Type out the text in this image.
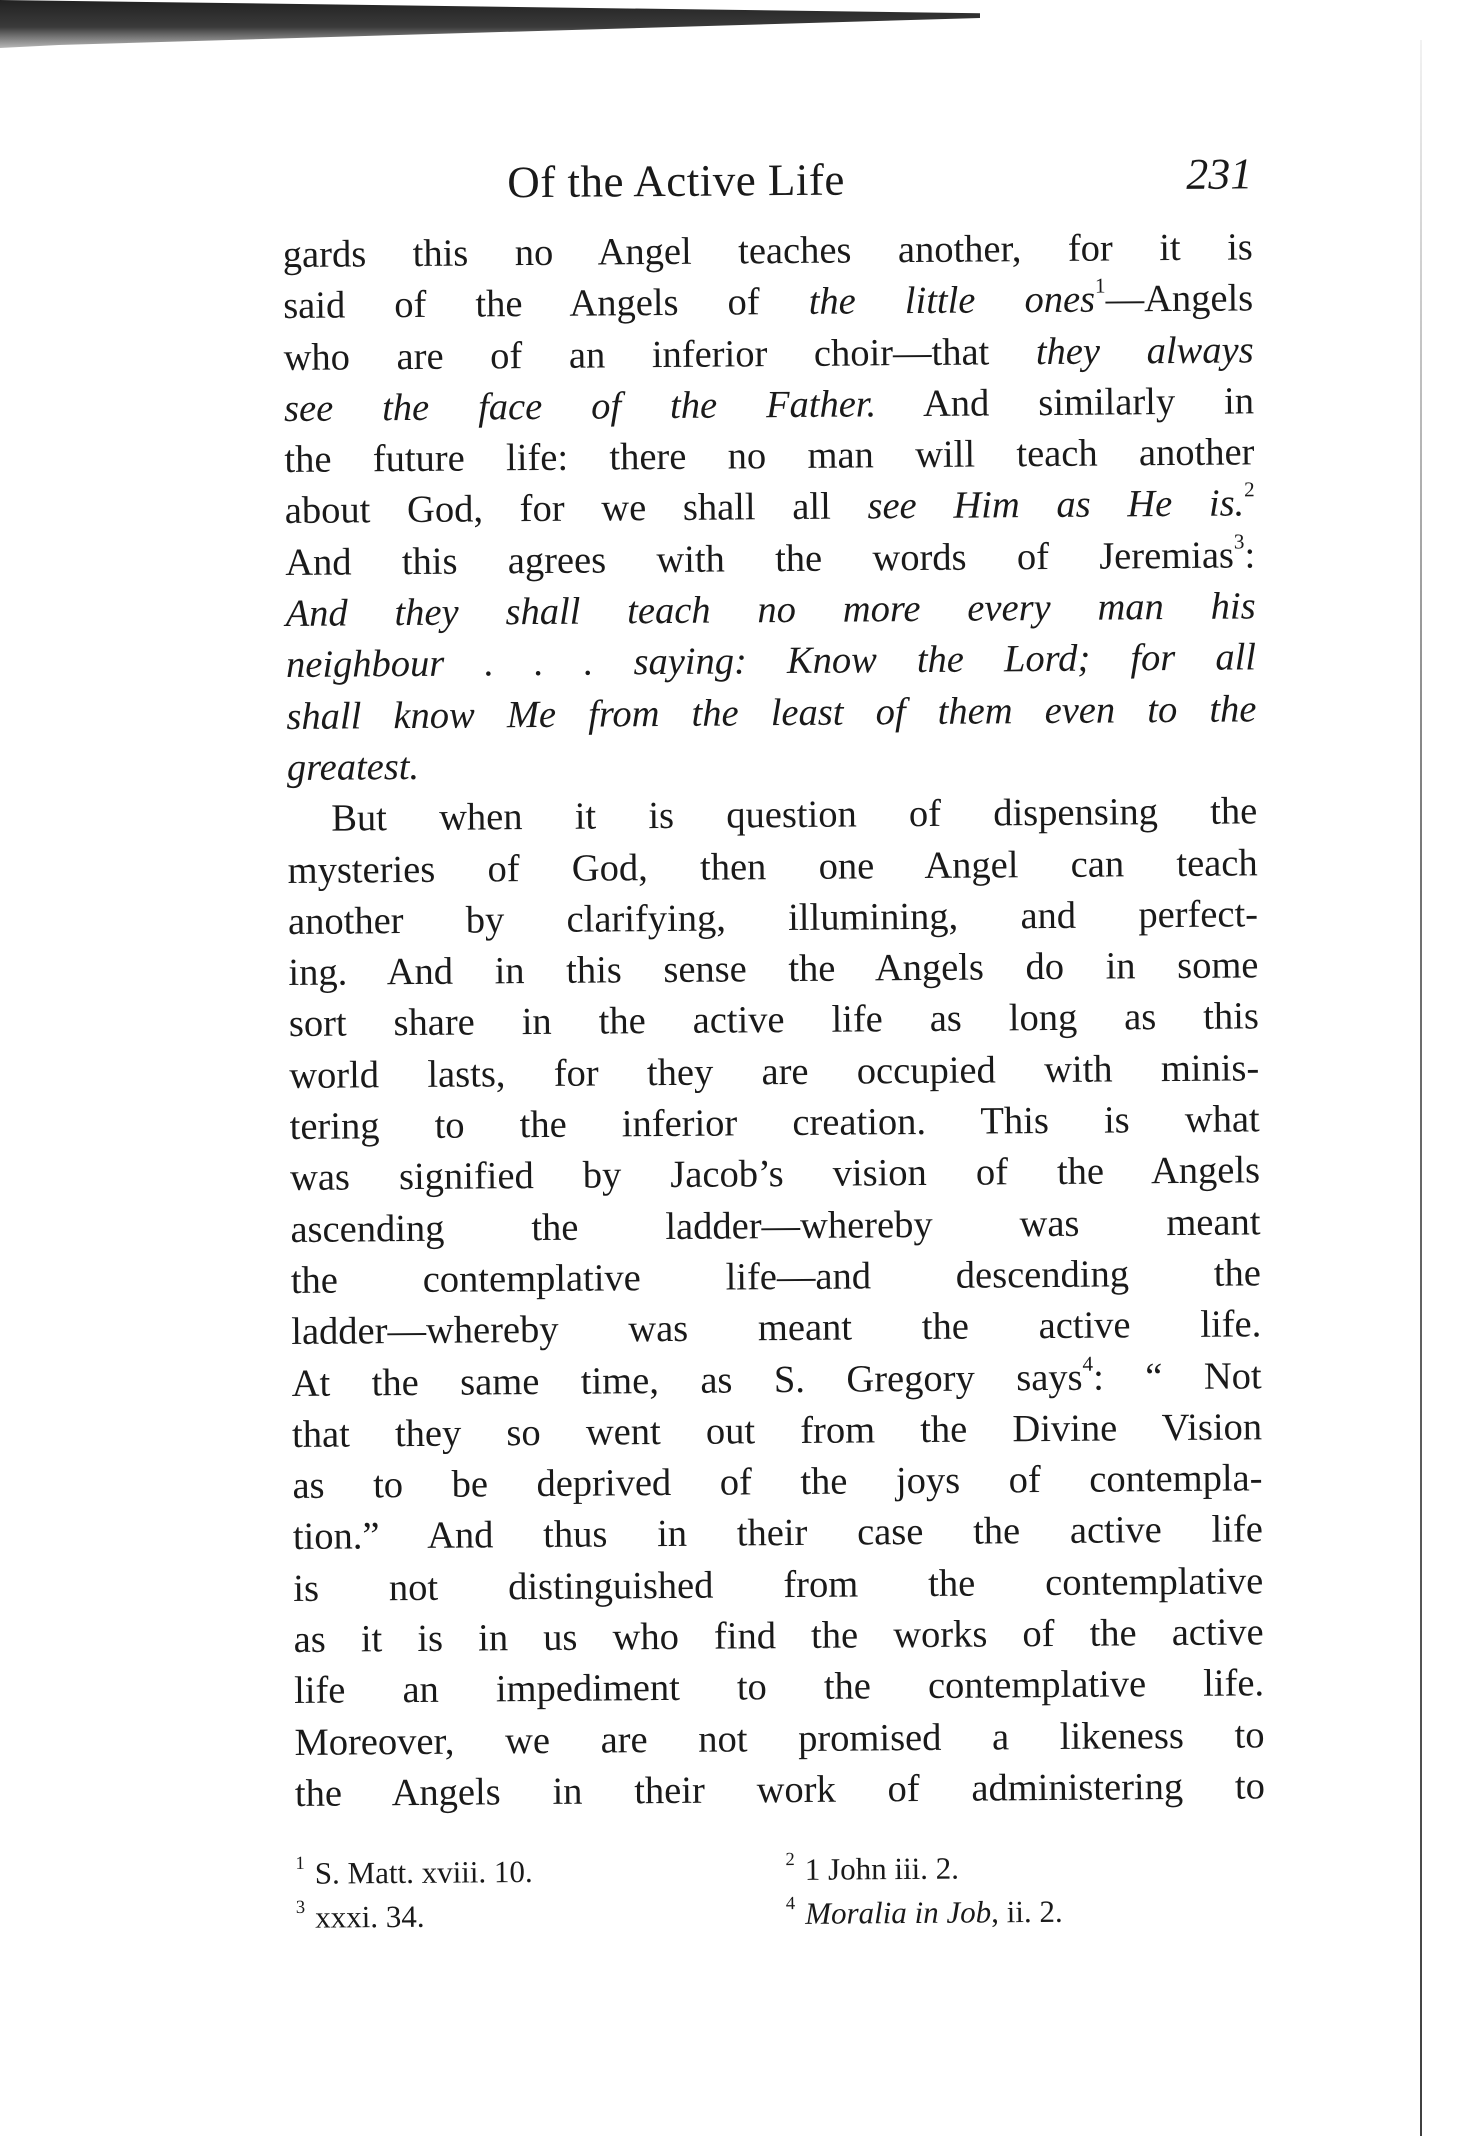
Of the Active Life	231
gards this no Angel teaches another, for it is
said of the Angels of the little ones$^1$—Angels
who are of an inferior choir—that they always
see the face of the Father. And similarly in
the future life: there no man will teach another
about God, for we shall all see Him as He is.$^2$
And this agrees with the words of Jeremias$^3$:
And they shall teach no more every man his
neighbour . . . saying: Know the Lord; for all
shall know Me from the least of them even to the
greatest.
But when it is question of dispensing the
mysteries of God, then one Angel can teach
another by clarifying, illumining, and perfect-
ing. And in this sense the Angels do in some
sort share in the active life as long as this
world lasts, for they are occupied with minis-
tering to the inferior creation. This is what
was signified by Jacob’s vision of the Angels
ascending the ladder—whereby was meant
the contemplative life—and descending the
ladder—whereby was meant the active life.
At the same time, as S. Gregory says$^4$: “ Not
that they so went out from the Divine Vision
as to be deprived of the joys of contempla-
tion.” And thus in their case the active life
is not distinguished from the contemplative
as it is in us who find the works of the active
life an impediment to the contemplative life.
Moreover, we are not promised a likeness to
the Angels in their work of administering to
$^1$ S. Matt. xviii. 10.	$^2$ 1 John iii. 2.
$^3$ xxxi. 34.	$^4$ Moralia in Job, ii. 2.
